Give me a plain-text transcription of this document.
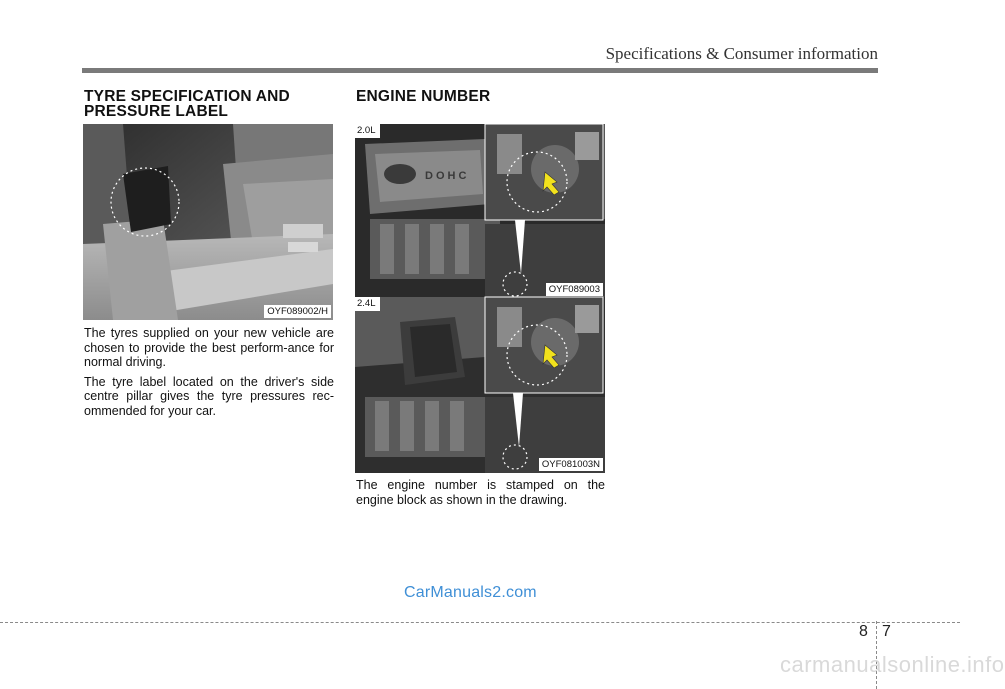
Specifications & Consumer information
TYRE SPECIFICATION AND
PRESSURE LABEL
OYF089002/H

The tyres supplied on your new vehicle are chosen to provide the best perform-ance for normal driving.

The tyre label located on the driver's side centre pillar gives the tyre pressures rec-ommended for your car.

ENGINE NUMBER
DOHC
2.0L
OYF089003
2.4L
OYF081003N

The engine number is stamped on the engine block as shown in the drawing.

CarManuals2.com
8 7
carmanualsonline.info
